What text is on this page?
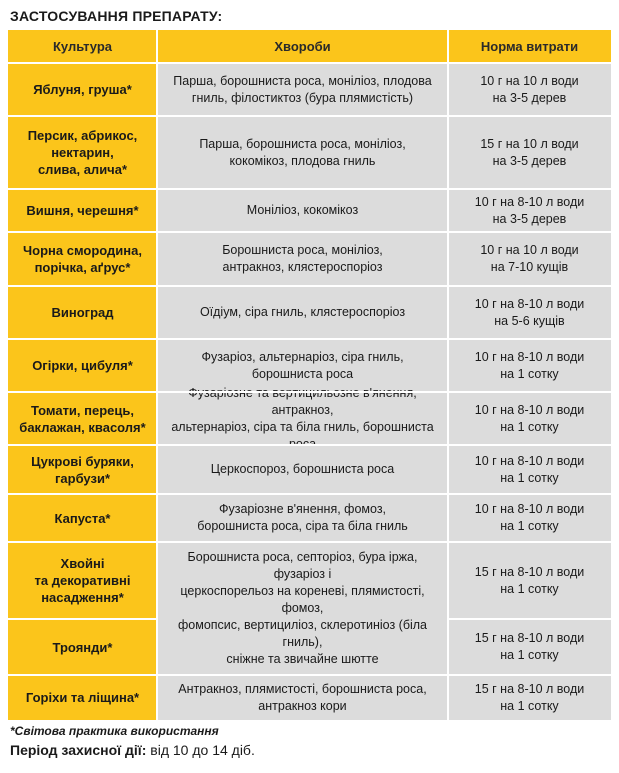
ЗАСТОСУВАННЯ ПРЕПАРАТУ:
Культура	Хвороби	Норма витрати
Яблуня, груша*
10 г на 10 л води
на 3-5 дерев
Персик, абрикос,
нектарин,
слива, алича*
15 г на 10 л води
на 3-5 дерев
Вишня, черешня*
10 г на 8-10 л води
на 3-5 дерев
Чорна смородина,
порічка, аґрус*
10 г на 10 л води
на 7-10 кущів
Виноград
10 г на 8-10 л води
на 5-6 кущів
Огірки, цибуля*
10 г на 8-10 л води
на 1 сотку
Томати, перець,
баклажан, квасоля*
10 г на 8-10 л води
на 1 сотку
Цукрові буряки,
гарбузи*
10 г на 8-10 л води
на 1 сотку
Капуста*
10 г на 8-10 л води
на 1 сотку
Хвойні
та декоративні
насадження*
15 г на 8-10 л води
на 1 сотку
Троянди*
15 г на 8-10 л води
на 1 сотку
Горіхи та ліщина*
15 г на 8-10 л води
на 1 сотку
Парша, борошниста роса, моніліоз, плодова
гниль, філостиктоз (бура плямистість)
Парша, борошниста роса, моніліоз,
кокомікоз, плодова гниль
Моніліоз, кокомікоз
Борошниста роса, моніліоз,
антракноз, клястероспоріоз
Оїдіум, сіра гниль, клястероспоріоз
Фузаріоз, альтернаріоз, сіра гниль,
борошниста роса
антракноз,
альтернаріоз, сіра та біла гниль, борошниста
Церкоспороз, борошниста роса
Фузаріозне в'янення, фомоз,
борошниста роса, сіра та біла гниль
Борошниста роса, септоріоз, бура іржа, фузаріоз і
церкоспорельоз на кореневі, плямистості, фомоз,
фомопсис, вертициліоз, склеротиніоз (біла гниль),
сніжне та звичайне шютте
Антракноз, плямистості, борошниста роса,
антракноз кори
*Світова практика використання
Період захисної дії: від 10 до 14 діб.
